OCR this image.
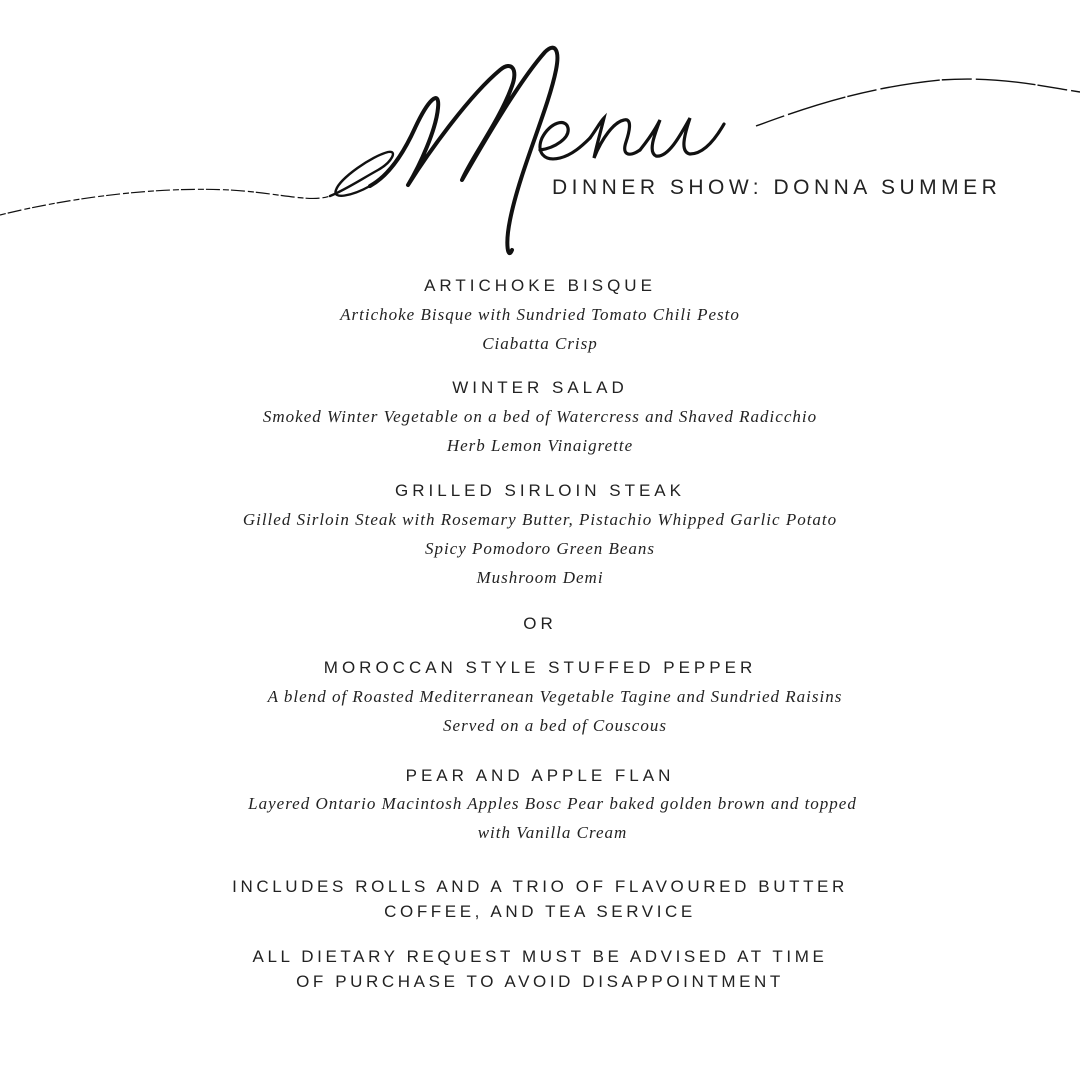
DINNER SHOW: DONNA SUMMER
ARTICHOKE BISQUE
Artichoke Bisque with Sundried Tomato Chili Pesto
Ciabatta Crisp
WINTER SALAD
Smoked Winter Vegetable on a bed of Watercress and Shaved Radicchio
Herb Lemon Vinaigrette
GRILLED SIRLOIN STEAK
Gilled Sirloin Steak with Rosemary Butter, Pistachio Whipped Garlic Potato
Spicy Pomodoro Green Beans
Mushroom Demi
OR
MOROCCAN STYLE STUFFED PEPPER
A blend of Roasted Mediterranean Vegetable Tagine and Sundried Raisins
Served on a bed of Couscous
PEAR AND APPLE FLAN
Layered Ontario Macintosh Apples Bosc Pear baked golden brown and topped
with Vanilla Cream
INCLUDES ROLLS AND A TRIO OF FLAVOURED BUTTER
COFFEE, AND TEA SERVICE
ALL DIETARY REQUEST MUST BE ADVISED AT TIME
OF PURCHASE TO AVOID DISAPPOINTMENT
